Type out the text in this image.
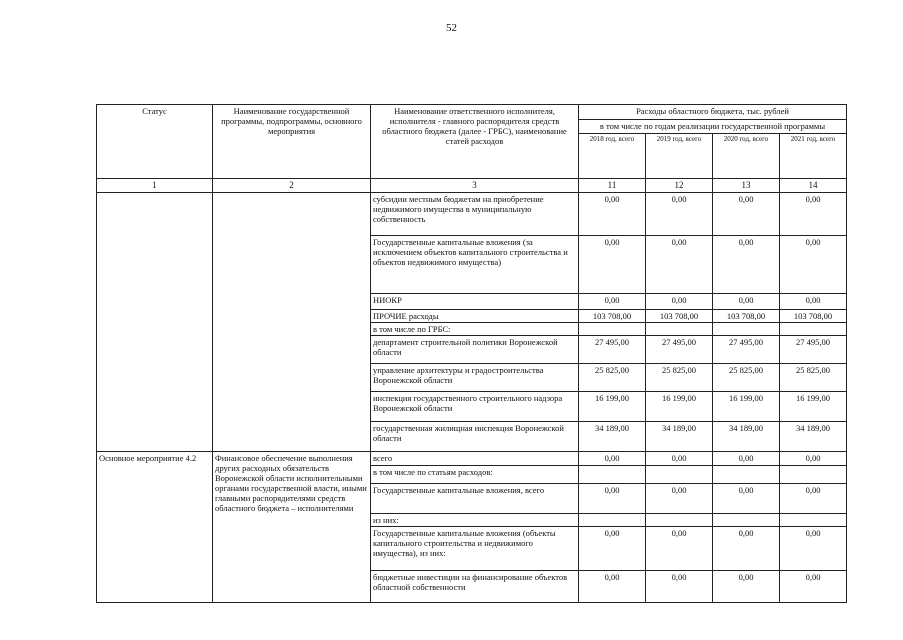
52
Статус	Наименование государственной программы, подпрограммы, основного мероприятия	Наименование ответственного исполнителя, исполнителя - главного распорядителя средств областного бюджета (далее - ГРБС), наименование статей расходов	Расходы областного бюджета, тыс. рублей			
			в том числе по годам реализации государственной программы			
			2018 год, всего	2019 год, всего	2020 год, всего	2021 год, всего
1	2	3	11	12	13	14
		субсидии местным бюджетам на приобретение недвижимого имущества в муниципальную собственность	0,00	0,00	0,00	0,00
		Государственные капитальные вложения (за исключением объектов капитального строительства и объектов недвижимого имущества)	0,00	0,00	0,00	0,00
		НИОКР	0,00	0,00	0,00	0,00
		ПРОЧИЕ расходы	103 708,00	103 708,00	103 708,00	103 708,00
		в том числе по ГРБС:				
		департамент строительной политики Воронежской области	27 495,00	27 495,00	27 495,00	27 495,00
		управление архитектуры и градостроительства Воронежской области	25 825,00	25 825,00	25 825,00	25 825,00
		инспекция государственного строительного надзора Воронежской области	16 199,00	16 199,00	16 199,00	16 199,00
		государственная жилищная инспекция Воронежской области	34 189,00	34 189,00	34 189,00	34 189,00
Основное мероприятие 4.2	Финансовое обеспечение выполнения других расходных обязательств Воронежской области исполнительными органами государственной власти, иными главными распорядителями средств областного бюджета – исполнителями	всего	0,00	0,00	0,00	0,00
		в том числе по статьям расходов:				
		Государственные капитальные вложения, всего	0,00	0,00	0,00	0,00
		из них:				
		Государственные капитальные вложения (объекты капитального строительства и недвижимого имущества), из них:	0,00	0,00	0,00	0,00
		бюджетные инвестиции на финансирование объектов областной собственности	0,00	0,00	0,00	0,00
